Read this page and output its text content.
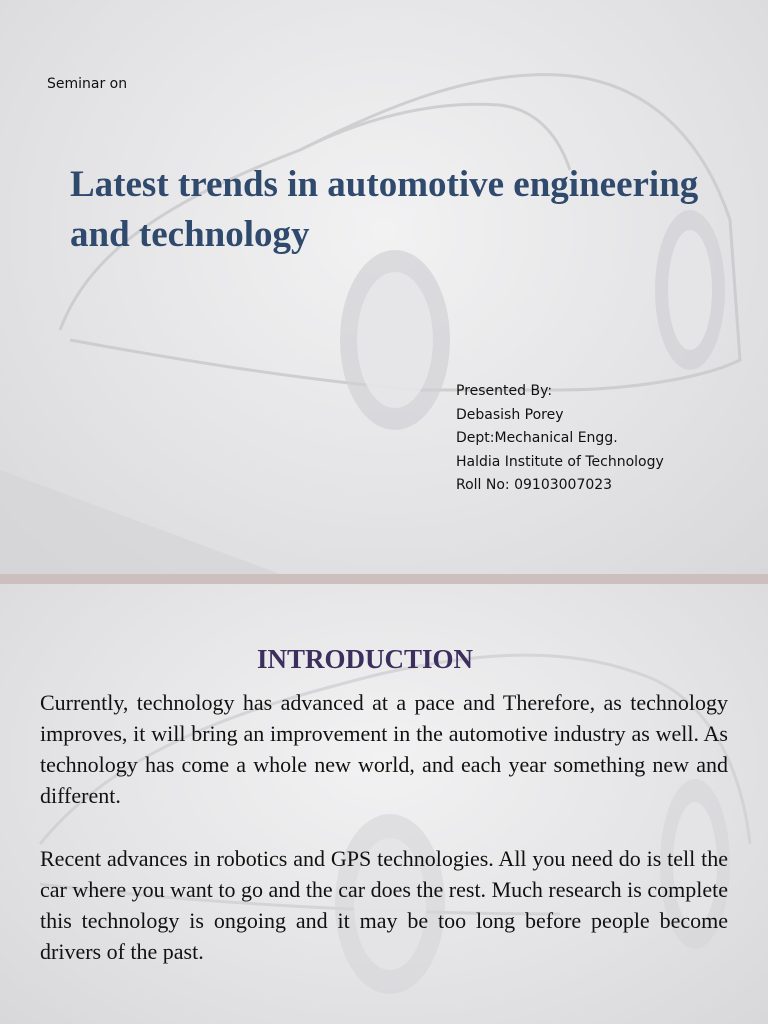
Seminar on
Latest trends in automotive engineering and technology
Presented By:
Debasish Porey
Dept:Mechanical Engg.
Haldia Institute of Technology
Roll No: 09103007023
INTRODUCTION

Currently, technology has advanced at a pace and Therefore, as technology improves, it will bring an improvement in the automotive industry as well. As technology has come a whole new world, and each year something new and different.

Recent advances in robotics and GPS technologies. All you need do is tell the car where you want to go and the car does the rest. Much research is complete this technology is ongoing and it may be too long before people become drivers of the past.
